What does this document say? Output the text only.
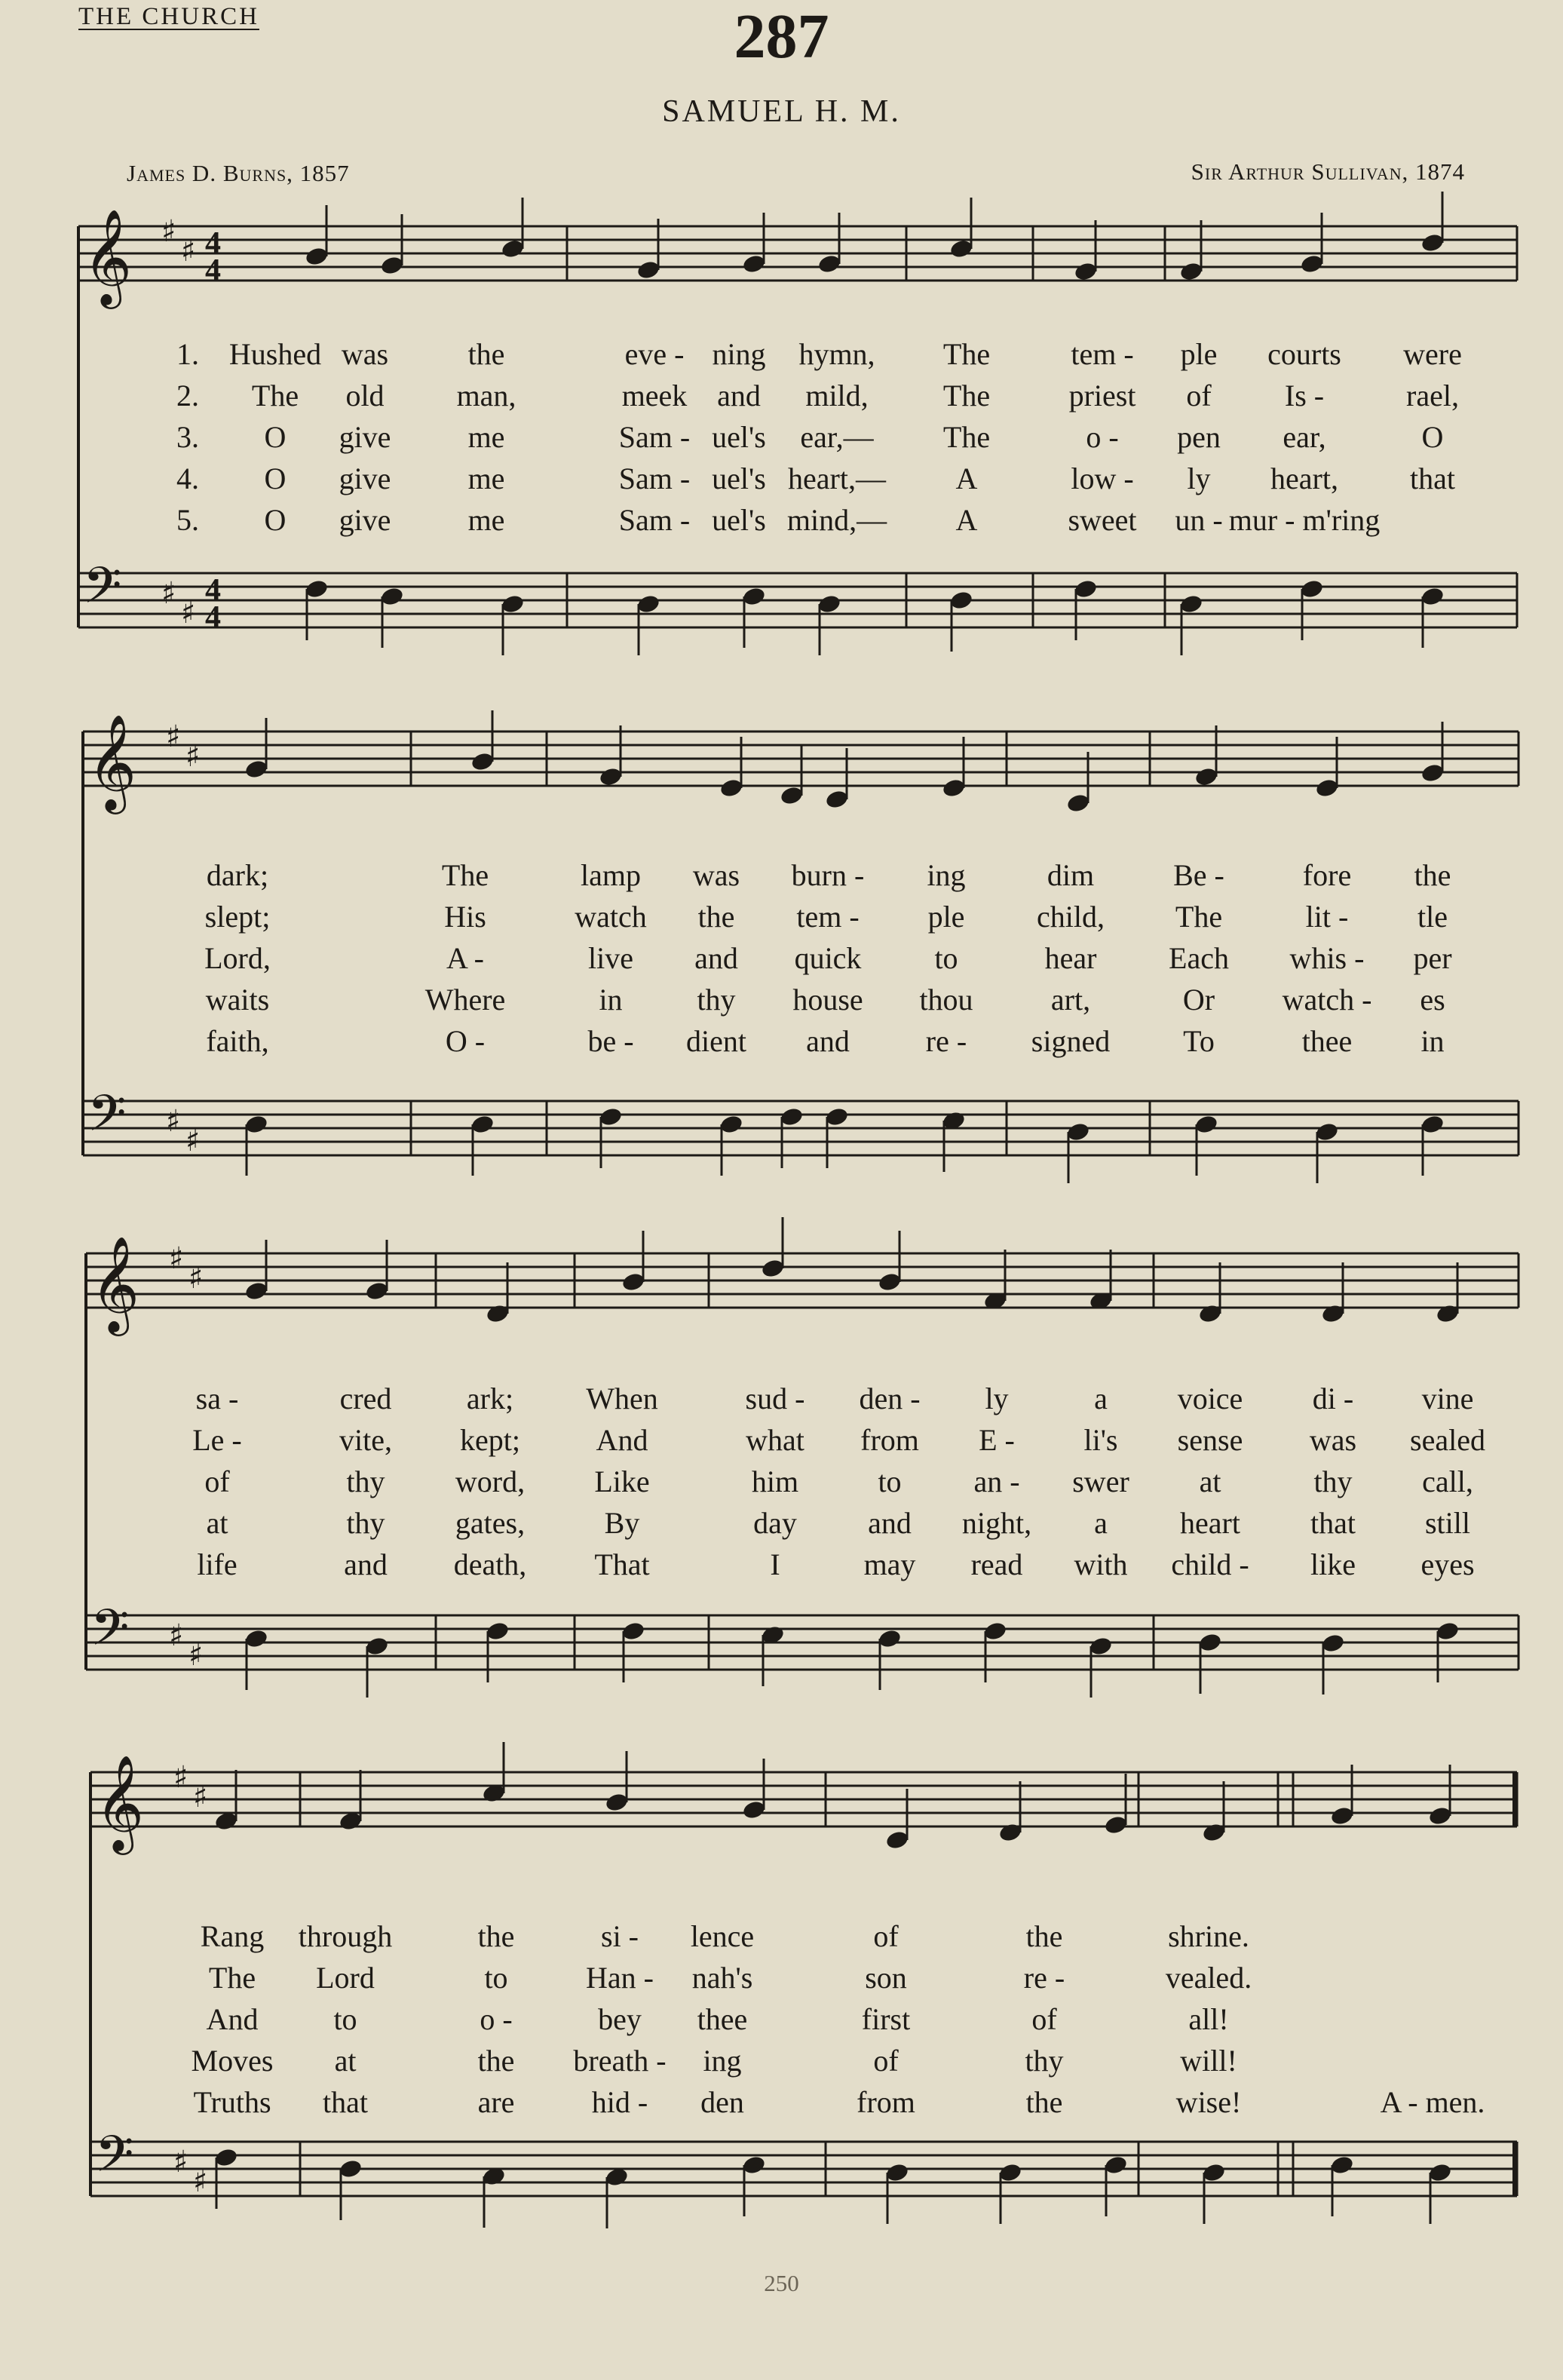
THE CHURCH	287
SAMUEL H. M.
James D. Burns, 1857	Sir Arthur Sullivan, 1874
𝄞 ♯
♯ 4
4
𝄢 ♯
♯
4
4
𝄞 ♯
♯
𝄢 ♯
♯
𝄞 ♯
♯
𝄢 ♯
♯
𝄞 ♯
♯
𝄢 ♯
♯
1. Hushed was	the	eve - ning hymn, The	tem - ple courts were
2. The old man,	meek and mild, The	priest of Is -	rael,
3. O give	me	Sam - uel's ear,— The	o - pen ear,	O
4. O give	me	Sam - uel's heart,— A	low - ly heart, that
5. O give	me	Sam - uel's mind,— A	sweet un - mur - m'ring
dark;	The	lamp was burn - ing	dim	Be -	fore the
slept;	His	watch the tem - ple child, The	lit - tle
Lord,	A -	live and quick to	hear Each whis - per
waits	Where	in thy house thou	art,	Or watch - es
faith,	O -	be - dient and	re - signed To	thee in
sa -	cred ark; When	sud - den - ly	a voice di - vine
Le -	vite, kept;	And	what from E - li's sense was sealed
of	thy word, Like	him	to an - swer at	thy call,
at	thy gates,	By	day and night, a heart that still
life	and death, That	I	may read with child - like eyes
Rang through	the	si - lence	of	the	shrine.
The Lord	to	Han - nah's	son	re -	vealed.
And to	o -	bey thee	first	of	all!
Moves at	the breath - ing	of	thy	will!
Truths that	are	hid - den	from	the	wise!	A - men.
250
